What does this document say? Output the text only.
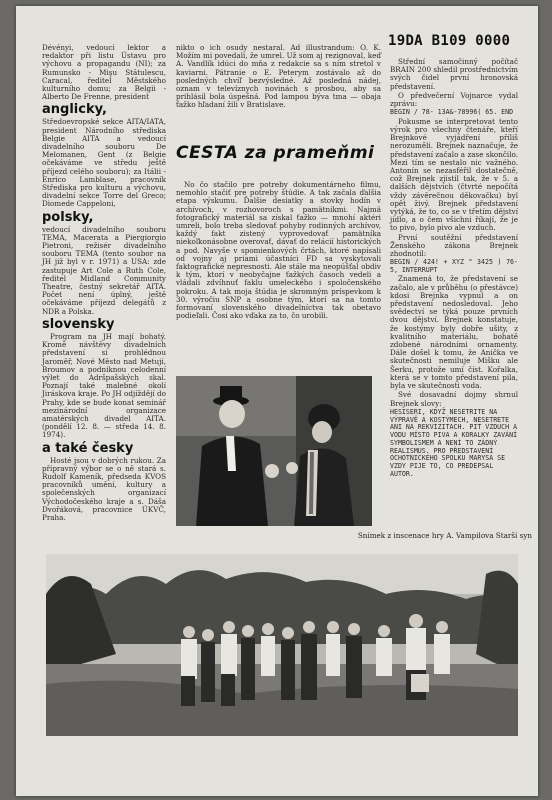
Dévényi, vedoucí lektor a redaktor při listu Ústavu pro výchovu a propagandu (NI); za Rumunsko - Mişu Stătulescu, Caracal, ředitel Městského kulturního domu; za Belgii - Alberto De Frenne, president

anglicky,

Středoevropské sekce AITA/IATA, president Národního střediska Belgie AITA a vedoucí divadelního souboru De Melomanen, Gent (z Belgie očekáváme ve středu ještě příjezd celého souboru); za Itálii - Enrico Lamblase, pracovník Střediska pro kulturu a výchovu, divadelní sekce Torre del Greco; Diomede Cappeloni,

polsky,

vedoucí divadelního souboru TEMA, Macerata a Piergiorgio Pietroni, režisér divadelního souboru TEMA (tento soubor na JH již byl v r. 1971) a USA: zde zastupuje Art Cole a Ruth Cole, ředitel Midland Community Theatre, čestný sekretář AITA. Počet není úplný, ještě očekáváme příjezd delegátů z NDR a Polska.

slovensky

Program na JH mají bohatý. Kromě návštěvy divadelních představení si prohlédnou Jaroměř, Nové Město nad Metují, Broumov a podniknou celodenní výlet do Adršpašských skal. Poznají také malebné okolí Jiráskova kraje. Po JH odjíždějí do Prahy, kde se bude konat seminář mezinárodní organizace amatérských divadel AITA. (pondělí 12. 8. — středa 14. 8. 1974).

a také česky

Hosté jsou v dobrých rukou. Za přípravný výbor se o ně stará s. Rudolf Kameník, předseda KVOS pracovníků umění, kultury a společenských organizací Východočeského kraje a s. Dáša Dvořáková, pracovnice ÚKVČ, Praha.

nikto o ich osudy nestaral. Ad illustrandum: O. K. Možím mi povedali, že umrel. Už som aj rezignoval, keď A. Vandlík idúci do mňa z redakcie sa s ním stretol v kaviarni. Pátranie o E. Peterym zostávalo až do posledných chvíľ bezvýsledné. Až posledná nádej, oznam v televíznych novinách s prosbou, aby sa prihlásil bola úspešná. Pod lampou býva tma — obaja ťažko hľadaní žili v Bratislave.

CESTA za prameňmi

No čo stačilo pre potreby dokumentárneho filmu, nemohlo stačiť pre potreby štúdie. A tak začala ďalšia etapa výskumu. Ďalšie desiatky a stovky hodín v archívoch, v rozhovoroch s pamätníkmi. Najmä fotografický materiál sa získal ťažko — mnohí aktéri umreli, bolo treba sledovať pohyby rodinných archívov, každý fakt zistený vyprovedovať pamätníka niekoľkonásobne overovať, dávať do relácií historických a pod. Navyše v spomienkových črtách, ktoré napísali od vojny aj priami účastníci FD sa vyskytovali faktografické nepresnosti. Ale stále ma neopúšťal obdiv k tým, ktorí v neobyčajne ťažkých časoch vedeli a vládali zdvíhnuť faklu umeleckého i spoločenského pokroku. A tak moja štúdia je skromným príspevkom k 30. výročiu SNP a osobne tým, ktorí sa na tomto formovaní slovenského divadelníctva tak obetavo podieľali. Čosi ako vďaka za to, čo urobili.

19DA B109 0000

Střední samočinný počítač BRAIN 200 shledil prostřednictvím svých čidel první hronovská představení.

O předvečerní Vojnarce vydal zprávu:

BEGIN / 78- 13A&-78996( 65. END

Pokusme se interpretovat tento výrok pro všechny čtenáře, kteří Brejnkové vyjádření příliš nerozuměli. Brejnek naznačuje, že představení začalo a zase skončilo. Mezi tím se nestalo nic važného. Antonín se nezasféřil dostatečně, což Brejnek zjistil tak, že v 5. a dalších dějstvích (čtvrté nepočítá vždy závěrečnou děkovačku) byl opět živý. Brejnek představení vytýká, že to, co se v třetím dějství jídlo, a o čem všichni říkají, že je to pivo, bylo pivo ale vzduch.

První soutěžní představení Ženského zákona Brejnek zhodnotil:

BEGIN / 424! + XYZ " 3425 ) 76-5, INTERRUPT

Znamená to, že představení se začalo, ale v průběhu (o přestávce) kdosi Brejnka vypnul a on představení nedosledoval. Jeho svědectví se týká pouze prvních dvou dějství. Brejnek konstatuje, že kostýmy byly dobře ušity, z kvalitního materiálu, bohatě zdobené národními ornamenty. Dále došel k tomu, že Anička ve skutečnosti nemiluje Mišku ale Šerku, protože umí číst. Kořalka, která se v tomto představení pila, byla ve skutečnosti voda.

Své dosavadní dojmy shrnul Brejnek slovy:

HESISERI, KDYŽ NESETRITE NA VÝPRAVĚ A KOSTÝMECH, NESETRETE ANI NA REKVIZITACH. PIT VZDUCH A VODU MÍSTO PIVA A KORALKY ZAVÁNÍ SYMBOLISMEM A NENÍ TO ZÁDNÝ REALISMUS. PRO PŘEDSTAVENÍ OCHOTNICKÉHO SPOLKU MARYSA SE VZDY PIJE TO, CO PREDEPSAL AUTOR.

Snímek z inscenace hry A. Vampilova Starší syn
